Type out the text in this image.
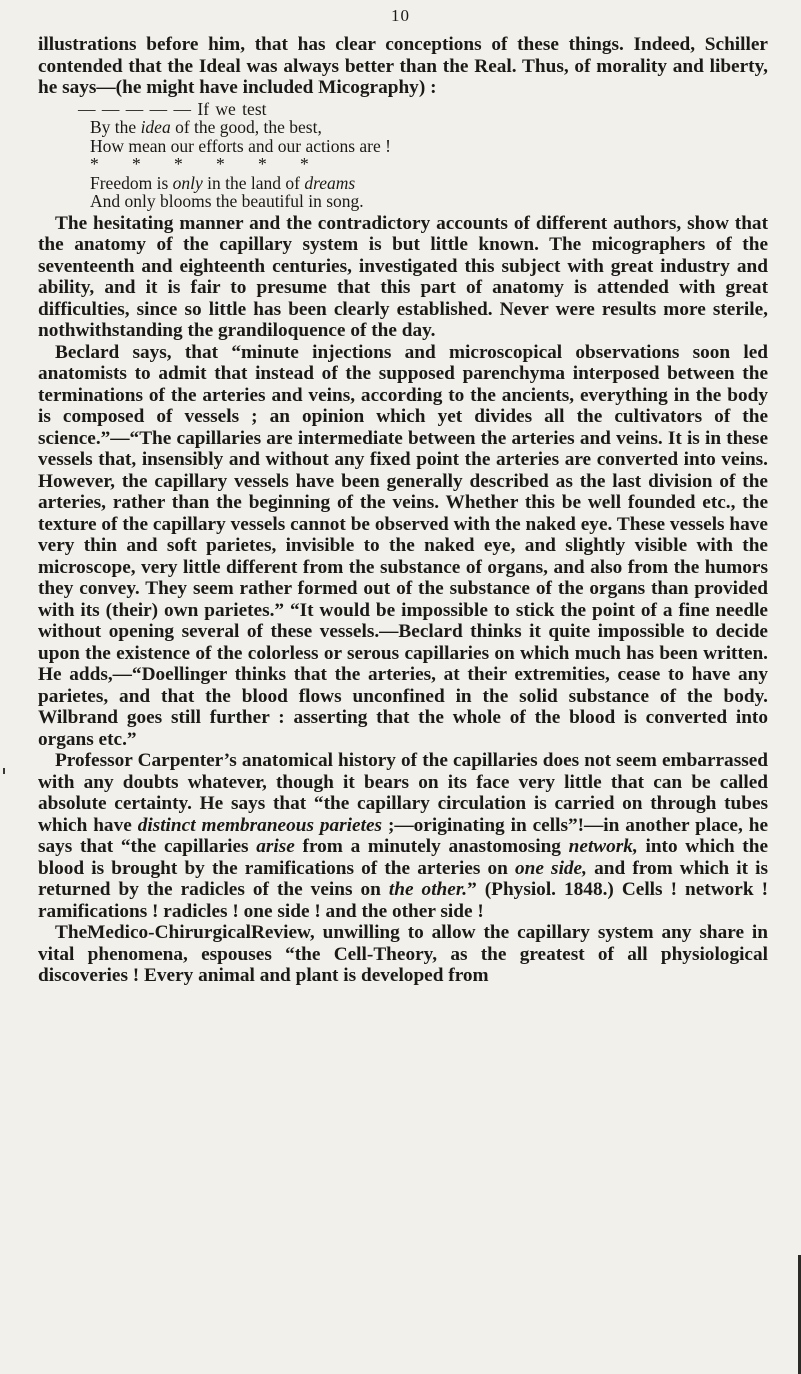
10

illustrations before him, that has clear conceptions of these things. Indeed, Schiller contended that the Ideal was always better than the Real. Thus, of morality and liberty, he says—(he might have included Micography) :

— — — — — If we test
By the idea of the good, the best,
How mean our efforts and our actions are !
* * * * * *
Freedom is only in the land of dreams
And only blooms the beautiful in song.

The hesitating manner and the contradictory accounts of different authors, show that the anatomy of the capillary system is but little known. The micographers of the seventeenth and eighteenth centuries, investigated this subject with great industry and ability, and it is fair to presume that this part of anatomy is attended with great difficulties, since so little has been clearly established. Never were results more sterile, nothwithstanding the grandiloquence of the day.

Beclard says, that “minute injections and microscopical observations soon led anatomists to admit that instead of the supposed parenchyma interposed between the terminations of the arteries and veins, according to the ancients, everything in the body is composed of vessels ; an opinion which yet divides all the cultivators of the science.”—“The capillaries are intermediate between the arteries and veins. It is in these vessels that, insensibly and without any fixed point the arteries are converted into veins. However, the capillary vessels have been generally described as the last division of the arteries, rather than the beginning of the veins. Whether this be well founded etc., the texture of the capillary vessels cannot be observed with the naked eye. These vessels have very thin and soft parietes, invisible to the naked eye, and slightly visible with the microscope, very little different from the substance of organs, and also from the humors they convey. They seem rather formed out of the substance of the organs than provided with its (their) own parietes.” “It would be impossible to stick the point of a fine needle without opening several of these vessels.—Beclard thinks it quite impossible to decide upon the existence of the colorless or serous capillaries on which much has been written. He adds,—“Doellinger thinks that the arteries, at their extremities, cease to have any parietes, and that the blood flows unconfined in the solid substance of the body. Wilbrand goes still further : asserting that the whole of the blood is converted into organs etc.”

Professor Carpenter’s anatomical history of the capillaries does not seem embarrassed with any doubts whatever, though it bears on its face very little that can be called absolute certainty. He says that “the capillary circulation is carried on through tubes which have distinct membraneous parietes ;—originating in cells”!—in another place, he says that “the capillaries arise from a minutely anastomosing network, into which the blood is brought by the ramifications of the arteries on one side, and from which it is returned by the radicles of the veins on the other.” (Physiol. 1848.) Cells ! network ! ramifications ! radicles ! one side ! and the other side !

TheMedico-ChirurgicalReview, unwilling to allow the capillary system any share in vital phenomena, espouses “the Cell-Theory, as the greatest of all physiological discoveries ! Every animal and plant is developed from
